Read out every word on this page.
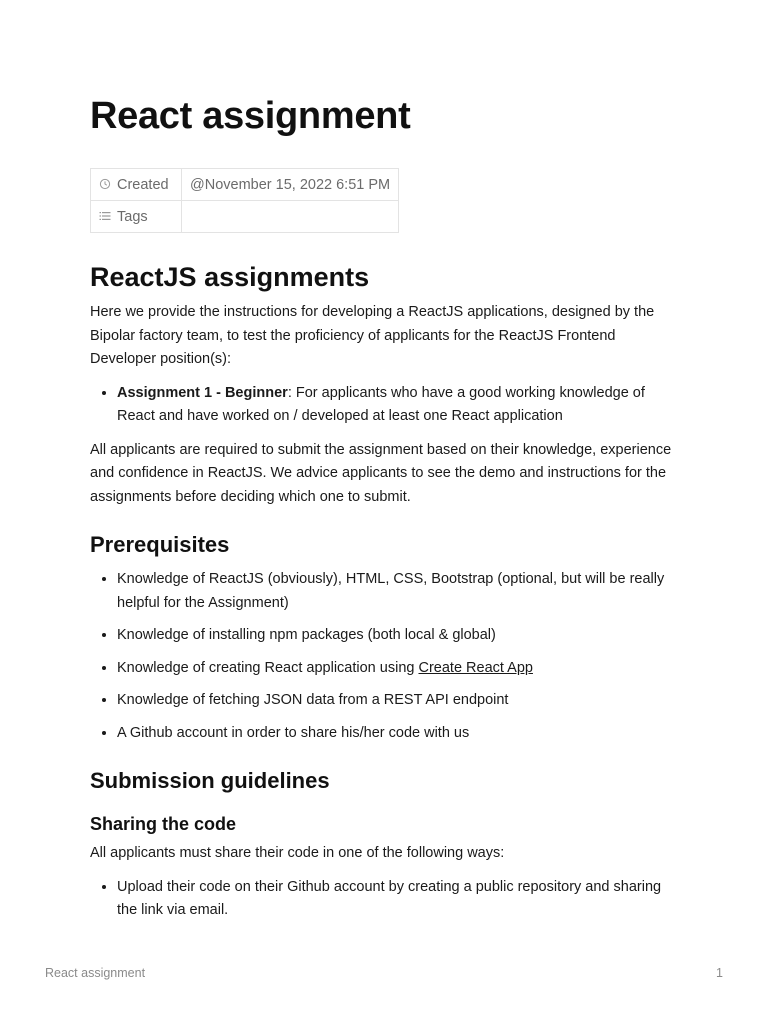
React assignment
Created	@November 15, 2022 6:51 PM
Tags	
ReactJS assignments

Here we provide the instructions for developing a ReactJS applications, designed by the Bipolar factory team, to test the proficiency of applicants for the ReactJS Frontend Developer position(s):

• Assignment 1 - Beginner: For applicants who have a good working knowledge of React and have worked on / developed at least one React application

All applicants are required to submit the assignment based on their knowledge, experience and confidence in ReactJS. We advice applicants to see the demo and instructions for the assignments before deciding which one to submit.

Prerequisites
• Knowledge of ReactJS (obviously), HTML, CSS, Bootstrap (optional, but will be really helpful for the Assignment)
• Knowledge of installing npm packages (both local & global)
• Knowledge of creating React application using Create React App
• Knowledge of fetching JSON data from a REST API endpoint
• A Github account in order to share his/her code with us
Submission guidelines
Sharing the code

All applicants must share their code in one of the following ways:

• Upload their code on their Github account by creating a public repository and sharing the link via email.
React assignment	1
